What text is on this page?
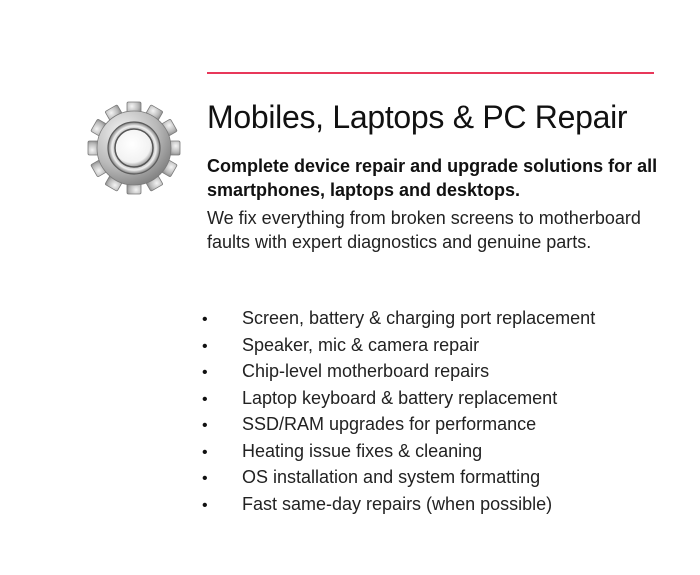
Mobiles, Laptops & PC Repair

Complete device repair and upgrade solutions for all smartphones, laptops and desktops.

We fix everything from broken screens to motherboard faults with expert diagnostics and genuine parts.

• Screen, battery & charging port replacement
• Speaker, mic & camera repair
• Chip-level motherboard repairs
• Laptop keyboard & battery replacement
• SSD/RAM upgrades for performance
• Heating issue fixes & cleaning
• OS installation and system formatting
• Fast same-day repairs (when possible)
